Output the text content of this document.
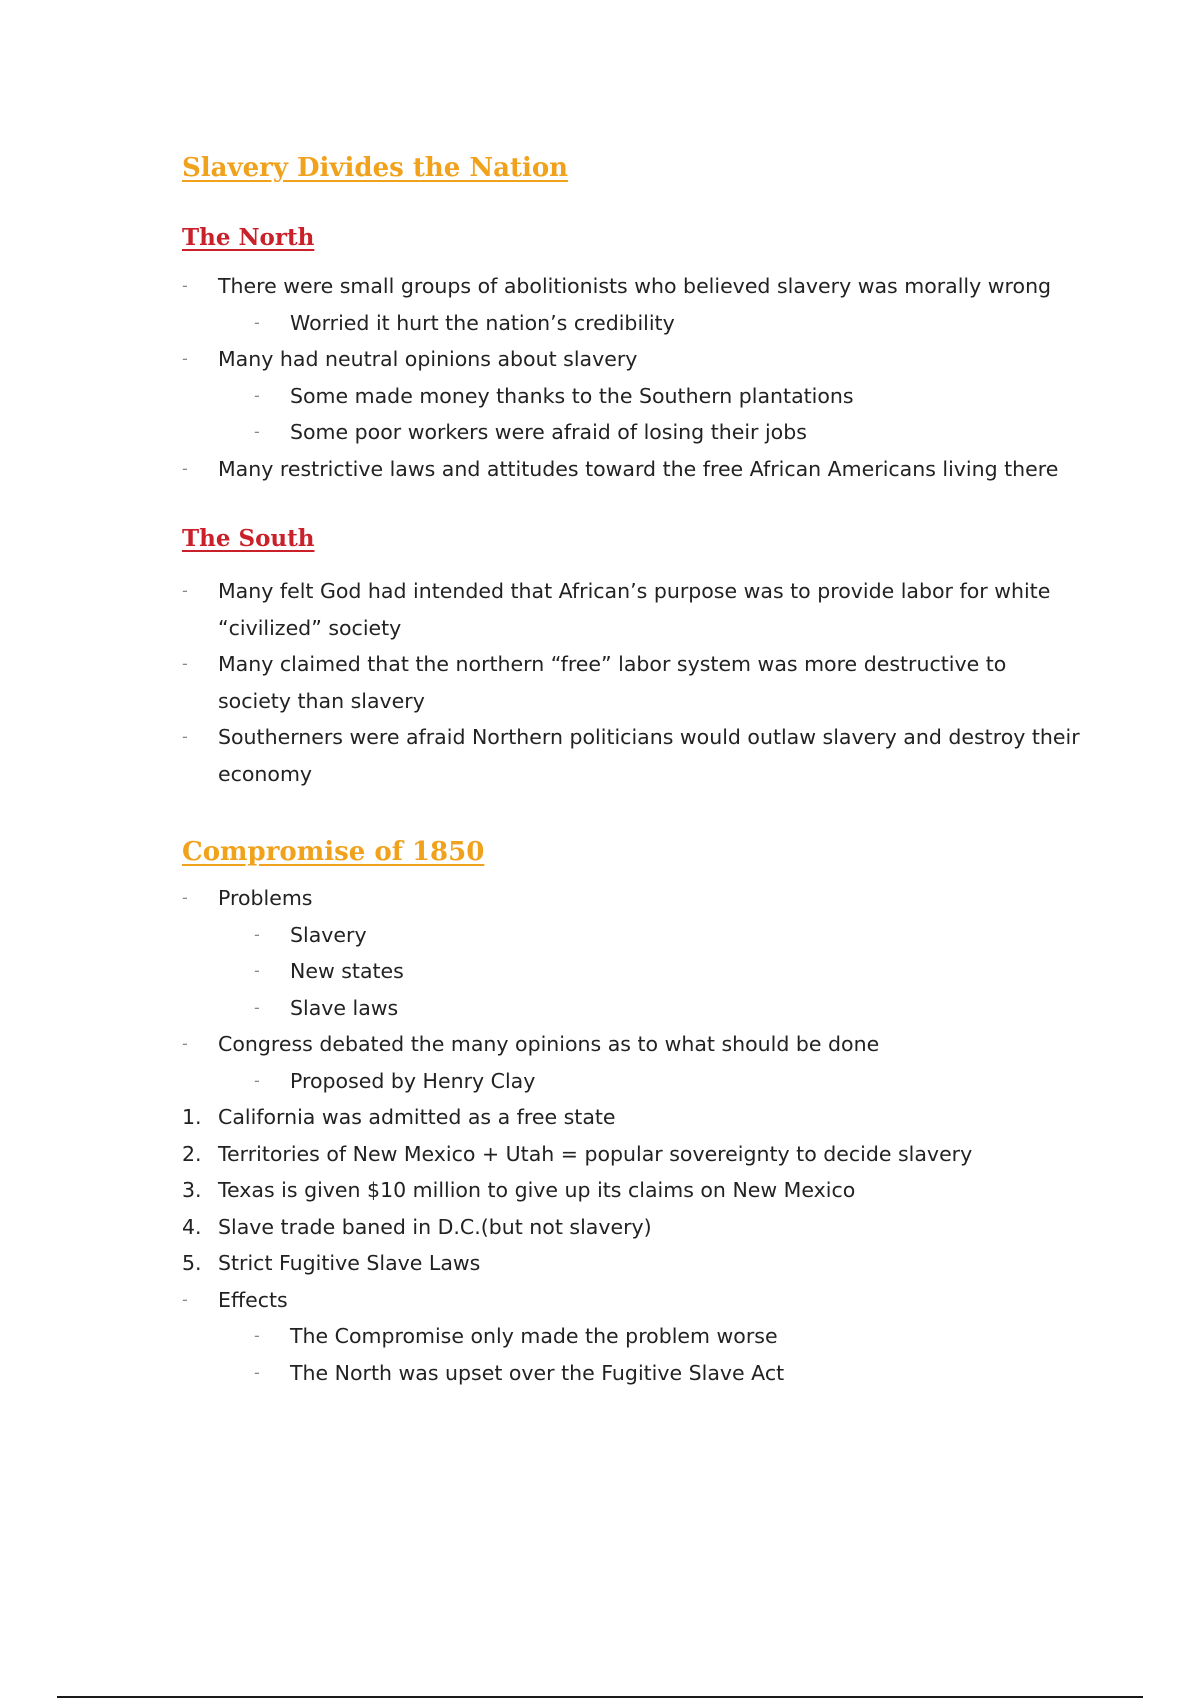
Slavery Divides the Nation
The North
- There were small groups of abolitionists who believed slavery was morally wrong
- Worried it hurt the nation’s credibility
- Many had neutral opinions about slavery
- Some made money thanks to the Southern plantations
- Some poor workers were afraid of losing their jobs
- Many restrictive laws and attitudes toward the free African Americans living there
The South
- Many felt God had intended that African’s purpose was to provide labor for white “civilized” society
- Many claimed that the northern “free” labor system was more destructive to society than slavery
- Southerners were afraid Northern politicians would outlaw slavery and destroy their economy
Compromise of 1850
- Problems
- Slavery
- New states
- Slave laws
- Congress debated the many opinions as to what should be done
- Proposed by Henry Clay
1. California was admitted as a free state
2. Territories of New Mexico + Utah = popular sovereignty to decide slavery
3. Texas is given $10 million to give up its claims on New Mexico
4. Slave trade baned in D.C.(but not slavery)
5. Strict Fugitive Slave Laws
- Effects
- The Compromise only made the problem worse
- The North was upset over the Fugitive Slave Act
